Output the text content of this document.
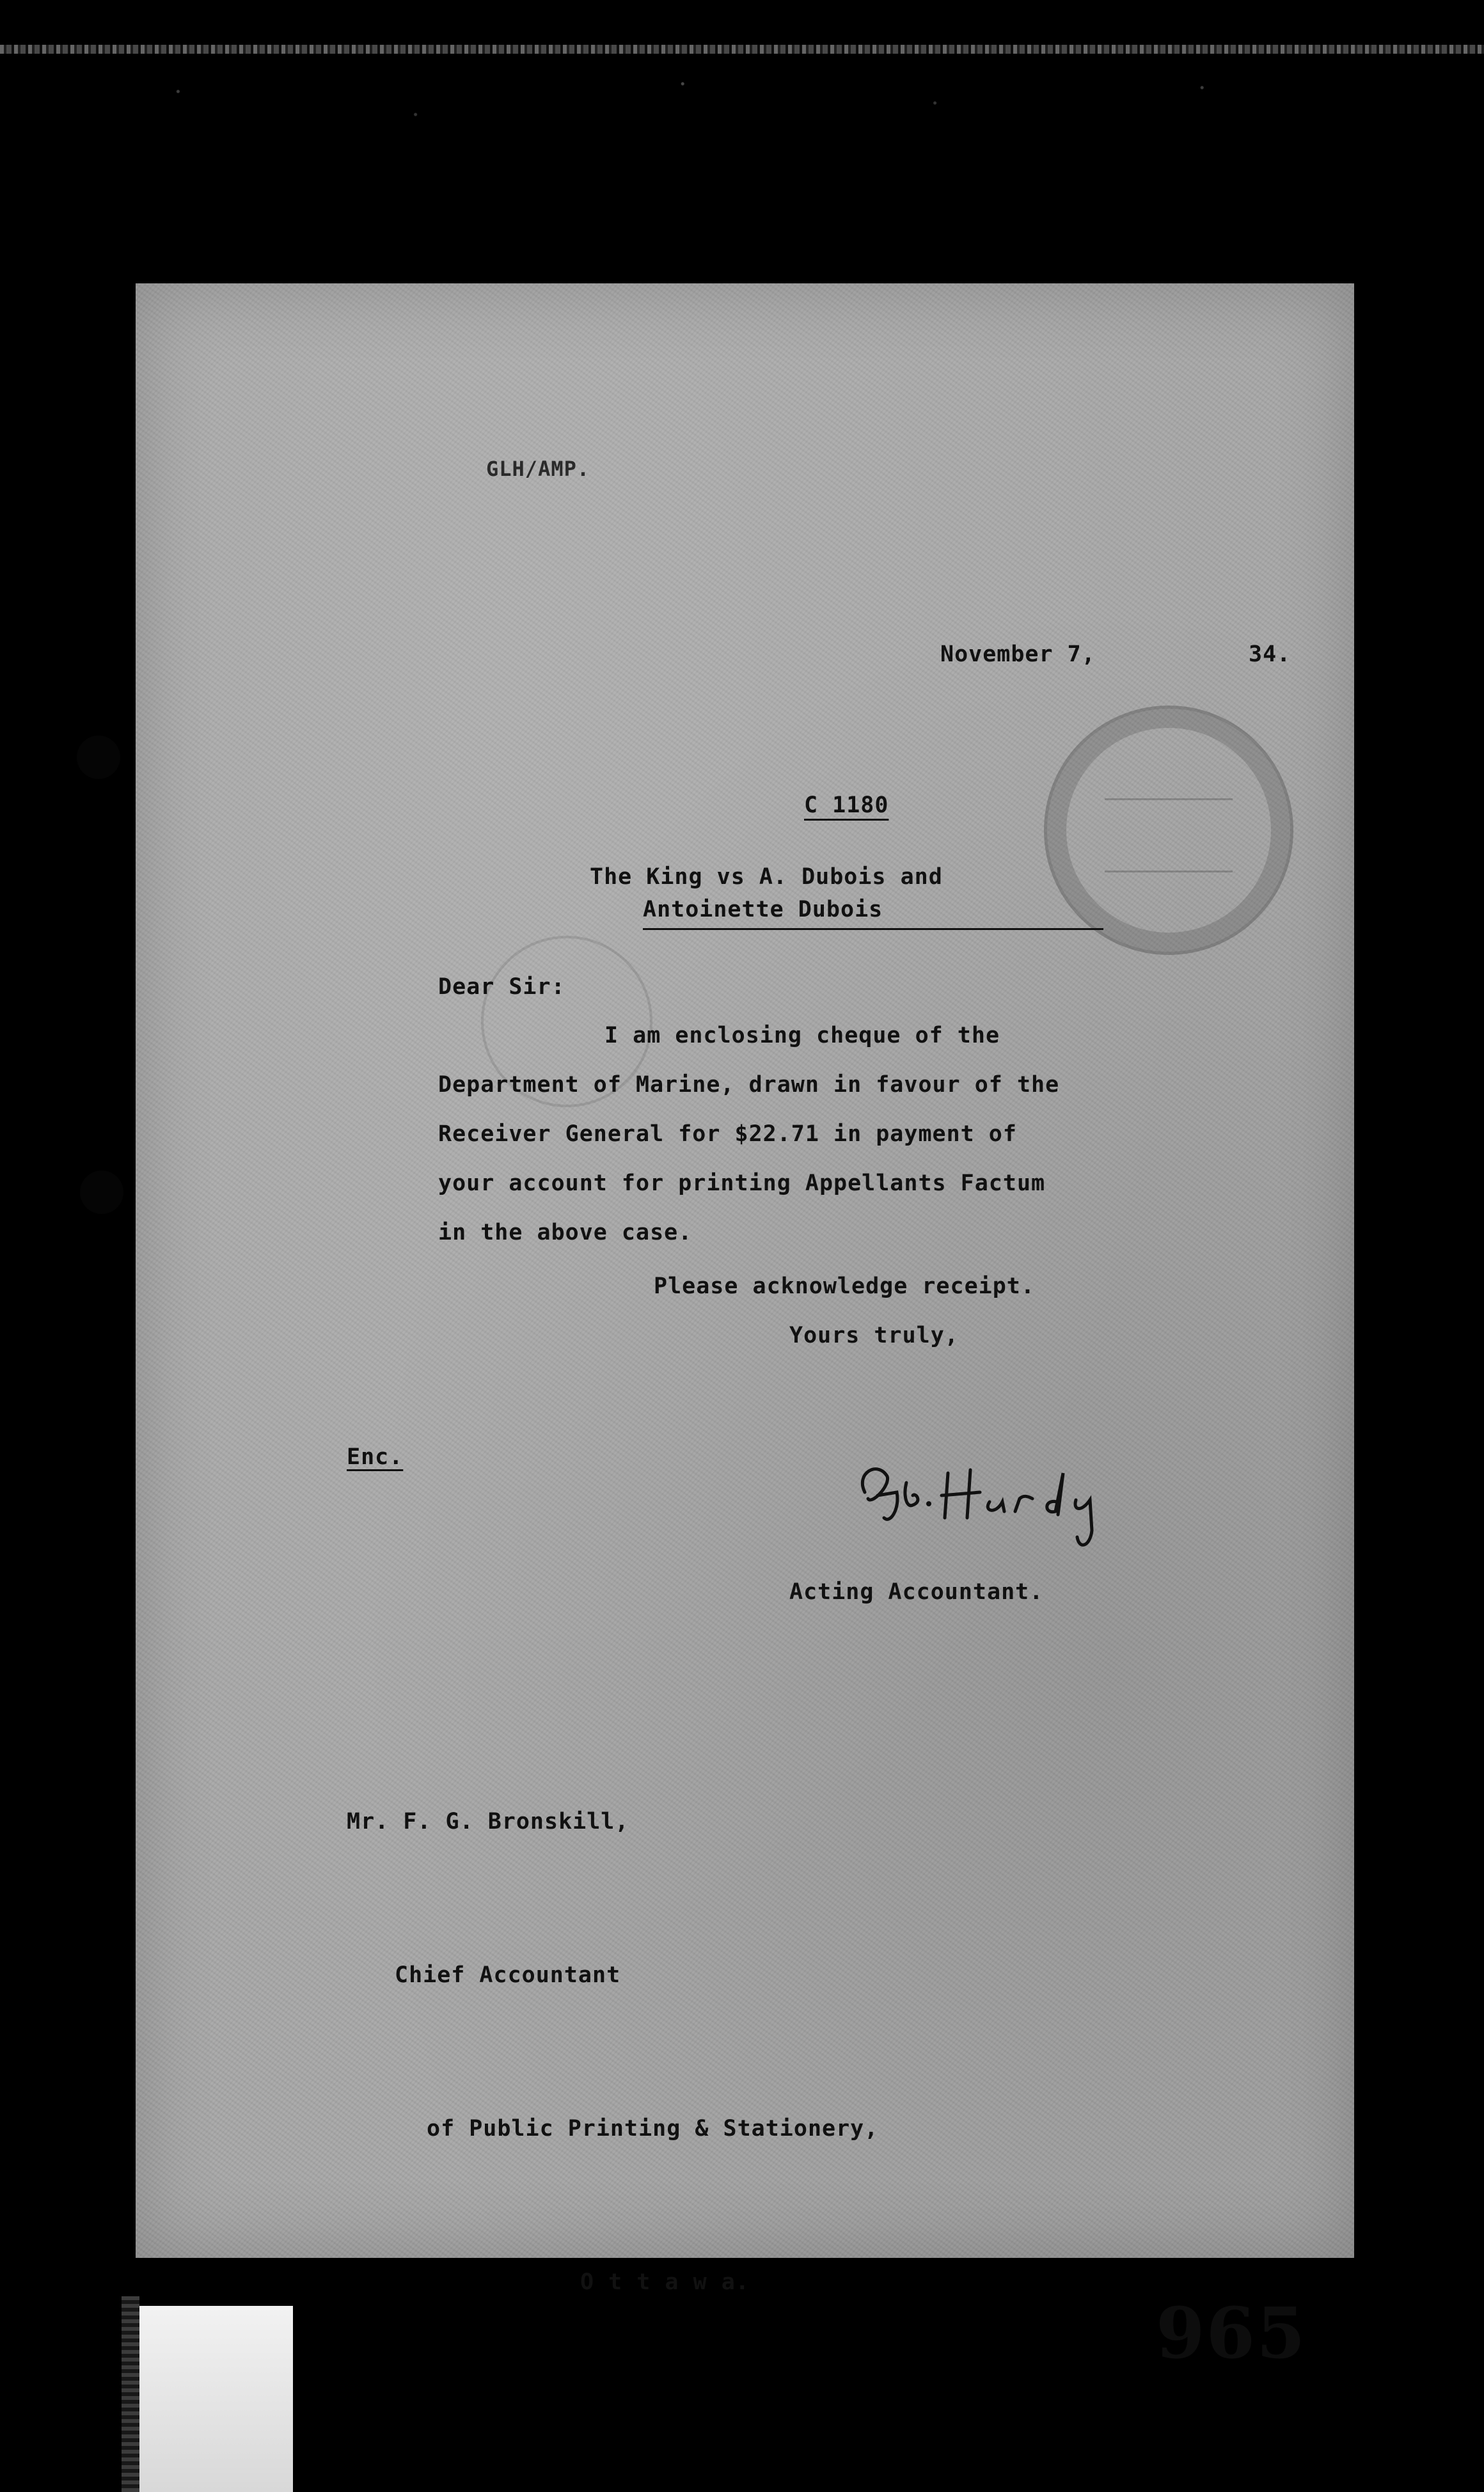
GLH/AMP.
November 7,	34.
C 1180
The King vs A. Dubois and
Antoinette Dubois
Dear Sir:
I am enclosing cheque of the
Department of Marine, drawn in favour of the
Receiver General for $22.71 in payment of
your account for printing Appellants Factum
in the above case.
Please acknowledge receipt.
Yours truly,
Enc.
Acting Accountant.

Mr. F. G. Bronskill,

Chief Accountant

of Public Printing & Stationery,

O t t a w a.

965
